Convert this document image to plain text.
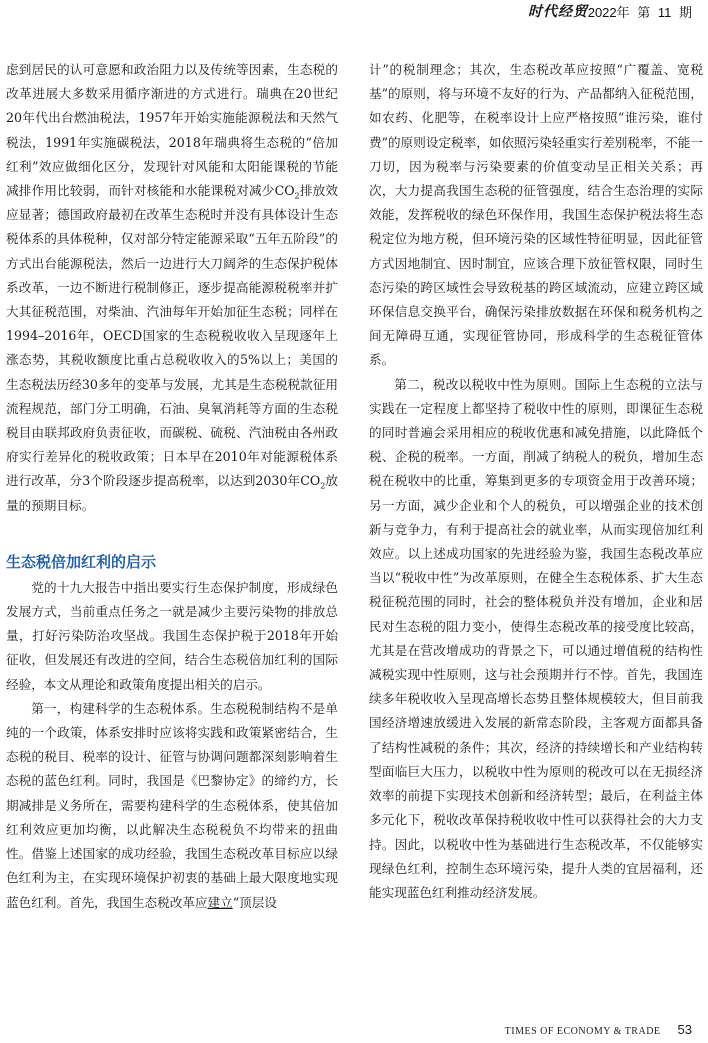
时代经贸 2022年 第 11 期

虑到居民的认可意愿和政治阻力以及传统等因素，生态税的改革进展大多数采用循序渐进的方式进行。瑞典在20世纪20年代出台燃油税法，1957年开始实施能源税法和天然气税法，1991年实施碳税法，2018年瑞典将生态税的“倍加红利”效应做细化区分，发现针对风能和太阳能课税的节能减排作用比较弱，而针对核能和水能课税对减少$CO_2$排放效应显著；德国政府最初在改革生态税时并没有具体设计生态税体系的具体税种，仅对部分特定能源采取“五年五阶段”的方式出台能源税法，然后一边进行大刀阔斧的生态保护税体系改革，一边不断进行税制修正，逐步提高能源税税率并扩大其征税范围，对柴油、汽油每年开始加征生态税；同样在1994–2016年，OECD国家的生态税税收收入呈现逐年上涨态势，其税收额度比重占总税收收入的5%以上；美国的生态税法历经30多年的变革与发展，尤其是生态税税款征用流程规范，部门分工明确，石油、臭氧消耗等方面的生态税税目由联邦政府负责征收，而碳税、硫税、汽油税由各州政府实行差异化的税收政策；日本早在2010年对能源税体系进行改革，分3个阶段逐步提高税率，以达到2030年$CO_2$放量的预期目标。

生态税倍加红利的启示

党的十九大报告中指出要实行生态保护制度，形成绿色发展方式，当前重点任务之一就是减少主要污染物的排放总量，打好污染防治攻坚战。我国生态保护税于2018年开始征收，但发展还有改进的空间，结合生态税倍加红利的国际经验，本文从理论和政策角度提出相关的启示。

第一，构建科学的生态税体系。生态税税制结构不是单纯的一个政策，体系安排时应该将实践和政策紧密结合，生态税的税目、税率的设计、征管与协调问题都深刻影响着生态税的蓝色红利。同时，我国是《巴黎协定》的缔约方，长期减排是义务所在，需要构建科学的生态税体系，使其倍加红利效应更加均衡，以此解决生态税税负不均带来的扭曲性。借鉴上述国家的成功经验，我国生态税改革目标应以绿色红利为主，在实现环境保护初衷的基础上最大限度地实现蓝色红利。首先，我国生态税改革应建立“顶层设

计”的税制理念；其次，生态税改革应按照“广覆盖、宽税基”的原则，将与环境不友好的行为、产品都纳入征税范围，如农药、化肥等，在税率设计上应严格按照“谁污染，谁付费”的原则设定税率，如依照污染轻重实行差别税率，不能一刀切，因为税率与污染要素的价值变动呈正相关关系；再次，大力提高我国生态税的征管强度，结合生态治理的实际效能，发挥税收的绿色环保作用，我国生态保护税法将生态税定位为地方税，但环境污染的区域性特征明显，因此征管方式因地制宜、因时制宜，应该合理下放征管权限，同时生态污染的跨区域性会导致税基的跨区域流动，应建立跨区域环保信息交换平台，确保污染排放数据在环保和税务机构之间无障碍互通，实现征管协同，形成科学的生态税征管体系。

第二，税改以税收中性为原则。国际上生态税的立法与实践在一定程度上都坚持了税收中性的原则，即课征生态税的同时普遍会采用相应的税收优惠和减免措施，以此降低个税、企税的税率。一方面，削减了纳税人的税负，增加生态税在税收中的比重，筹集到更多的专项资金用于改善环境；另一方面，减少企业和个人的税负，可以增强企业的技术创新与竞争力，有利于提高社会的就业率，从而实现倍加红利效应。以上述成功国家的先进经验为鉴，我国生态税改革应当以“税收中性”为改革原则，在健全生态税体系、扩大生态税征税范围的同时，社会的整体税负并没有增加，企业和居民对生态税的阻力变小，使得生态税改革的接受度比较高，尤其是在营改增成功的背景之下，可以通过增值税的结构性减税实现中性原则，这与社会预期并行不悖。首先，我国连续多年税收收入呈现高增长态势且整体规模较大，但目前我国经济增速放缓进入发展的新常态阶段，主客观方面都具备了结构性减税的条件；其次，经济的持续增长和产业结构转型面临巨大压力，以税收中性为原则的税改可以在无损经济效率的前提下实现技术创新和经济转型；最后，在利益主体多元化下，税收改革保持税收收中性可以获得社会的大力支持。因此，以税收中性为基础进行生态税改革，不仅能够实现绿色红利，控制生态环境污染，提升人类的宜居福利，还能实现蓝色红利推动经济发展。

TIMES OF ECONOMY & TRADE 53
